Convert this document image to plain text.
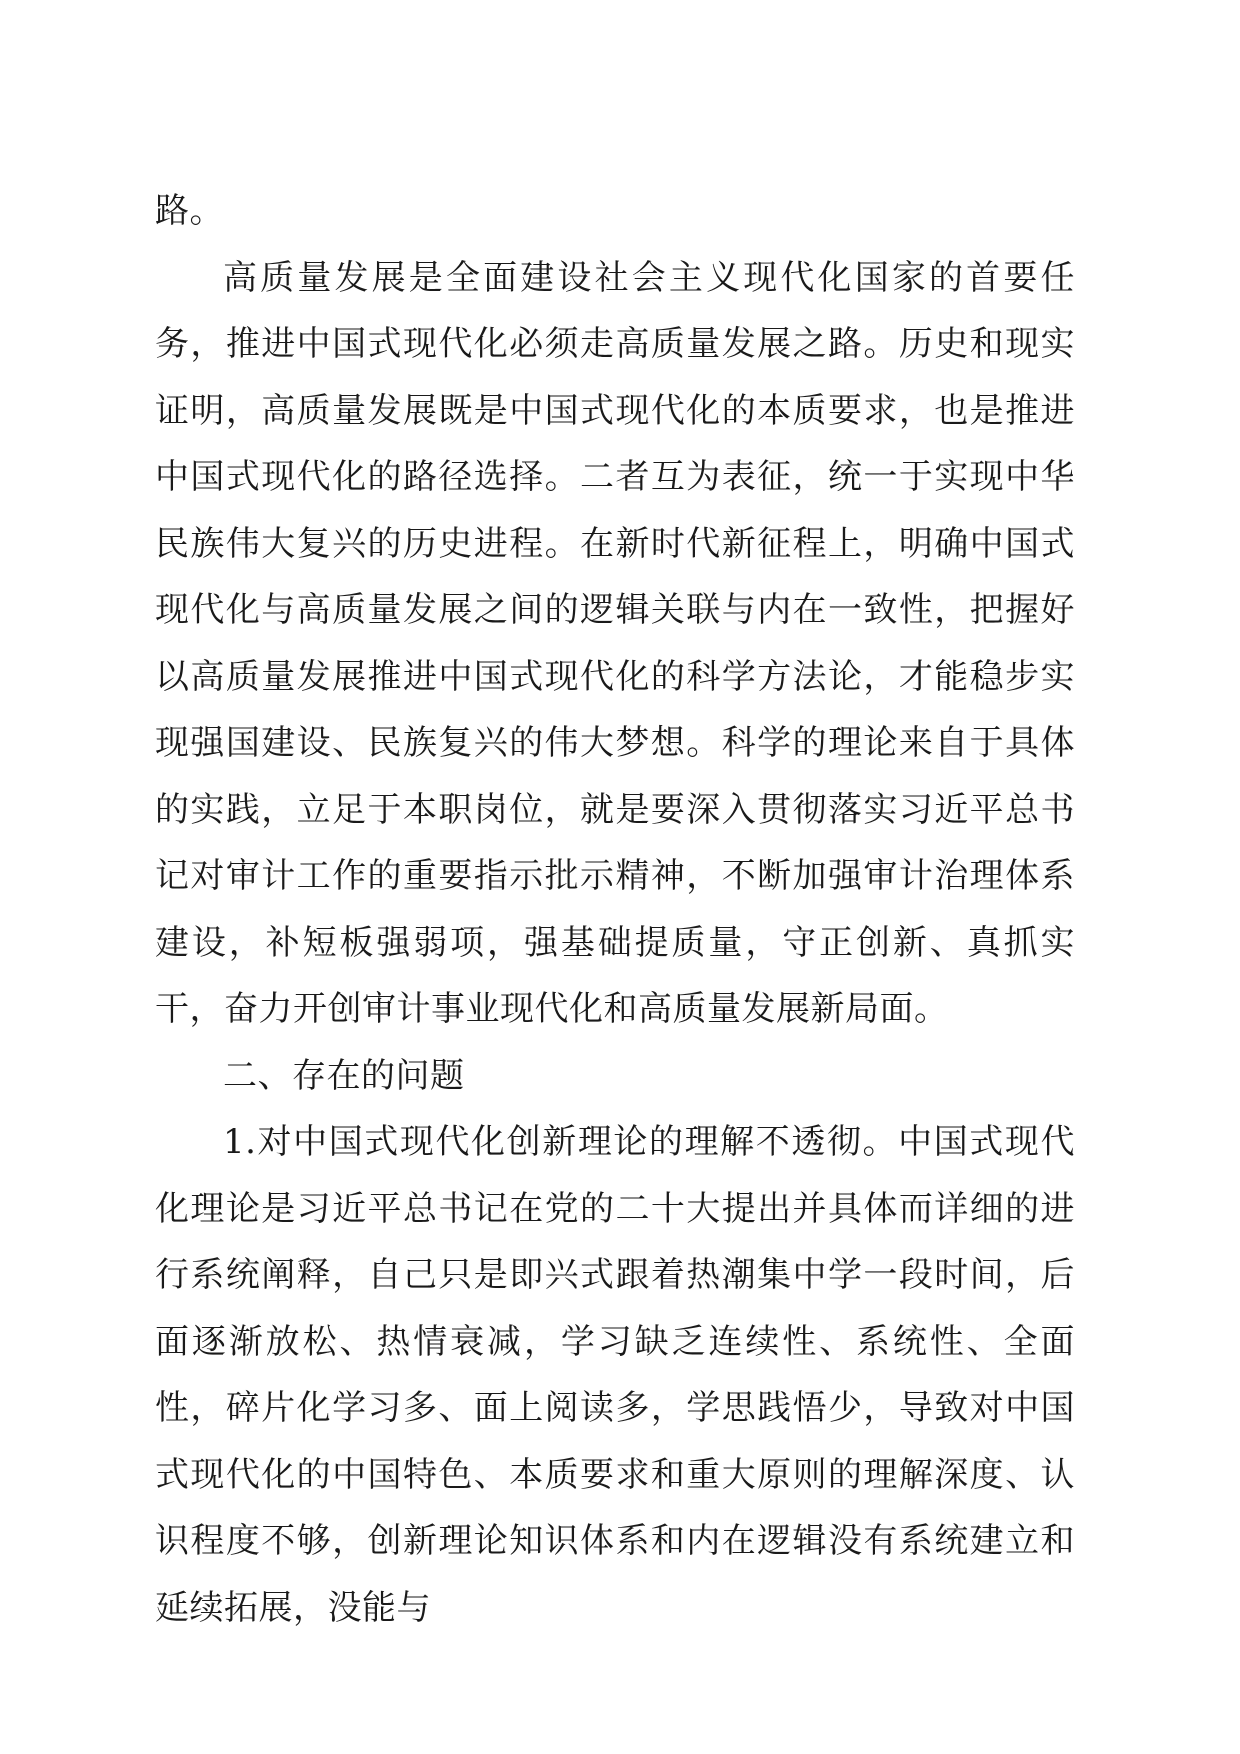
路。

高质量发展是全面建设社会主义现代化国家的首要任务，推进中国式现代化必须走高质量发展之路。历史和现实证明，高质量发展既是中国式现代化的本质要求，也是推进中国式现代化的路径选择。二者互为表征，统一于实现中华民族伟大复兴的历史进程。在新时代新征程上，明确中国式现代化与高质量发展之间的逻辑关联与内在一致性，把握好以高质量发展推进中国式现代化的科学方法论，才能稳步实现强国建设、民族复兴的伟大梦想。科学的理论来自于具体的实践，立足于本职岗位，就是要深入贯彻落实习近平总书记对审计工作的重要指示批示精神，不断加强审计治理体系建设，补短板强弱项，强基础提质量，守正创新、真抓实干，奋力开创审计事业现代化和高质量发展新局面。

二、存在的问题

1.对中国式现代化创新理论的理解不透彻。中国式现代化理论是习近平总书记在党的二十大提出并具体而详细的进行系统阐释，自己只是即兴式跟着热潮集中学一段时间，后面逐渐放松、热情衰减，学习缺乏连续性、系统性、全面性，碎片化学习多、面上阅读多，学思践悟少，导致对中国式现代化的中国特色、本质要求和重大原则的理解深度、认识程度不够，创新理论知识体系和内在逻辑没有系统建立和延续拓展，没能与
